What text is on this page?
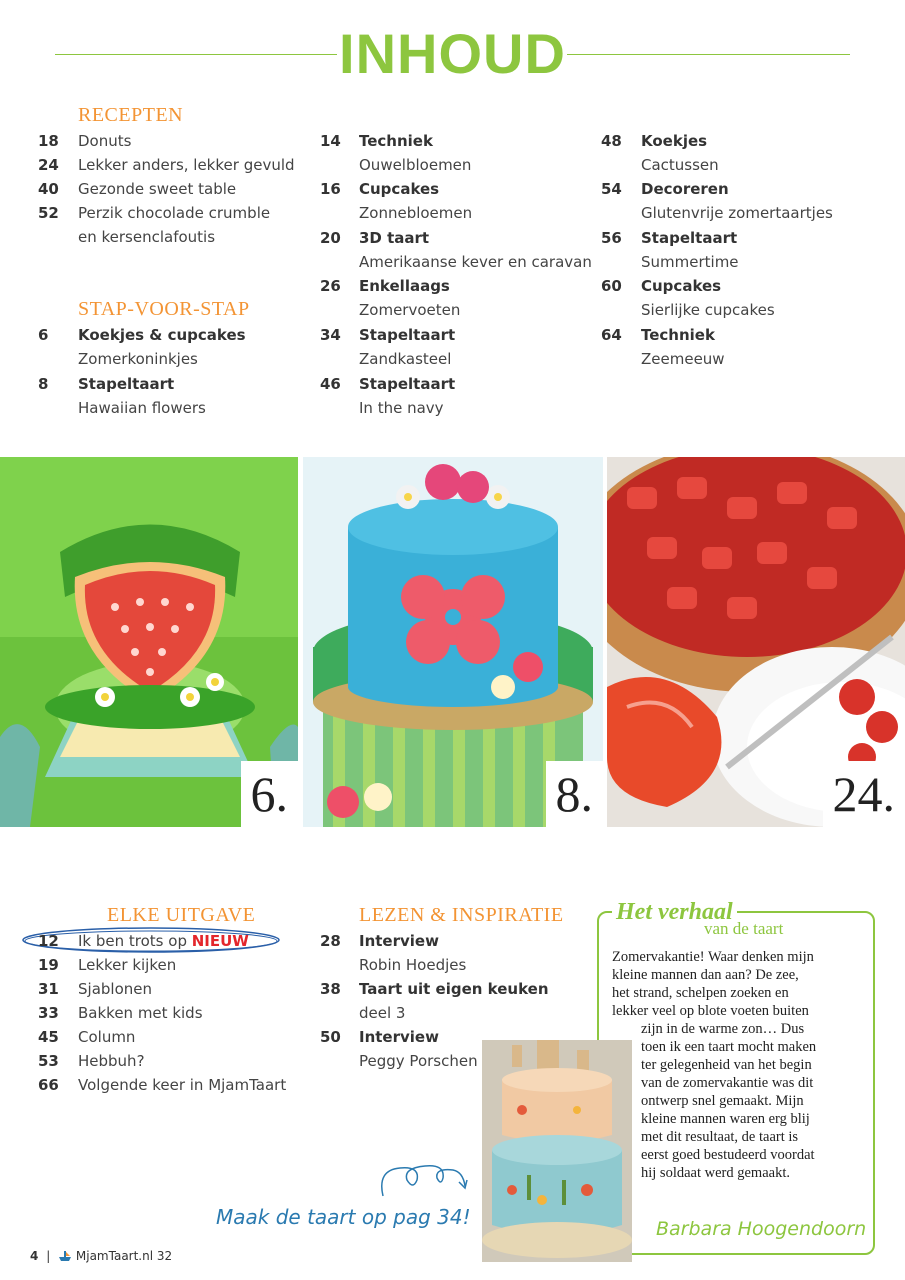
INHOUD
RECEPTEN
18 Donuts
24 Lekker anders, lekker gevuld
40 Gezonde sweet table
52 Perzik chocolade crumble
en kersenclafoutis
STAP-VOOR-STAP
6 Koekjes & cupcakes
Zomerkoninkjes
8 Stapeltaart
Hawaiian flowers
14 Techniek
Ouwelbloemen
16 Cupcakes
Zonnebloemen
20 3D taart
Amerikaanse kever en caravan
26 Enkellaags
Zomervoeten
34 Stapeltaart
Zandkasteel
46 Stapeltaart
In the navy
48 Koekjes
Cactussen
54 Decoreren
Glutenvrije zomertaartjes
56 Stapeltaart
Summertime
60 Cupcakes
Sierlijke cupcakes
64 Techniek
Zeemeeuw
6.	8.	24.
ELKE UITGAVE
12 Ik ben trots op NIEUW
19 Lekker kijken
31 Sjablonen
33 Bakken met kids
45 Column
53 Hebbuh?
66 Volgende keer in MjamTaart
LEZEN & INSPIRATIE
28 Interview
Robin Hoedjes
38 Taart uit eigen keuken
deel 3
50 Interview
Peggy Porschen
Het verhaal
van de taart
Zomervakantie! Waar denken mijn
kleine mannen dan aan? De zee,
het strand, schelpen zoeken en
lekker veel op blote voeten buiten
zijn in de warme zon… Dus
toen ik een taart mocht maken
ter gelegenheid van het begin
van de zomervakantie was dit
ontwerp snel gemaakt. Mijn
kleine mannen waren erg blij
met dit resultaat, de taart is
eerst goed bestudeerd voordat
hij soldaat werd gemaakt.
Barbara Hoogendoorn
Maak de taart op pag 34!
4 | MjamTaart.nl 32
